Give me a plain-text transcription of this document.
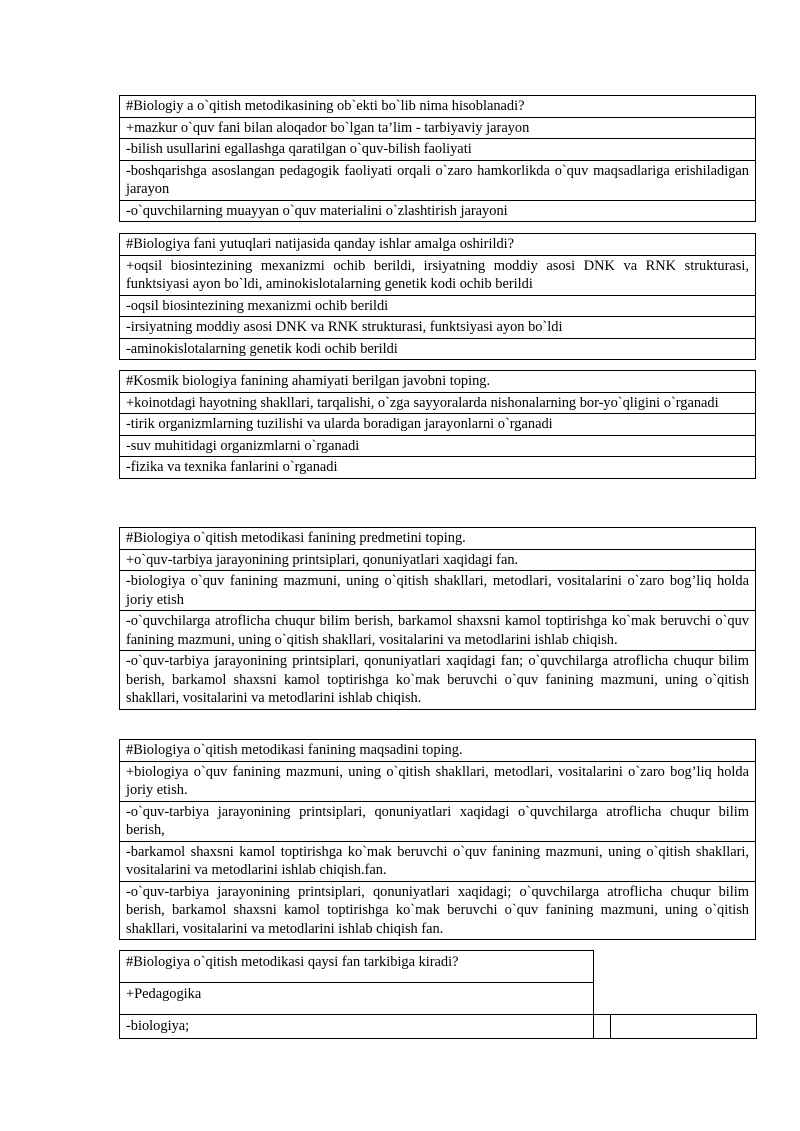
#Biologiy a o`qitish metodikasining ob`ekti bo`lib nima hisoblanadi?
+mazkur o`quv fani bilan aloqador bo`lgan ta’lim - tarbiyaviy jarayon
-bilish usullarini egallashga qaratilgan o`quv-bilish faoliyati
-boshqarishga asoslangan pedagogik faoliyati orqali o`zaro hamkorlikda o`quv maqsadlariga erishiladigan jarayon
-o`quvchilarning muayyan o`quv materialini o`zlashtirish jarayoni
#Biologiya fani yutuqlari natijasida qanday ishlar amalga oshirildi?
+oqsil biosintezining mexanizmi ochib berildi, irsiyatning moddiy asosi DNK va RNK strukturasi, funktsiyasi ayon bo`ldi, aminokislotalarning genetik kodi ochib berildi
-oqsil biosintezining mexanizmi ochib berildi
-irsiyatning moddiy asosi DNK va RNK strukturasi, funktsiyasi ayon bo`ldi
-aminokislotalarning genetik kodi ochib berildi
#Kosmik biologiya fanining ahamiyati berilgan javobni toping.
+koinotdagi hayotning shakllari, tarqalishi, o`zga sayyoralarda nishonalarning bor-yo`qligini o`rganadi
-tirik organizmlarning tuzilishi va ularda boradigan jarayonlarni o`rganadi
-suv muhitidagi organizmlarni o`rganadi
-fizika va texnika fanlarini o`rganadi
#Biologiya o`qitish metodikasi fanining predmetini toping.
+o`quv-tarbiya jarayonining printsiplari, qonuniyatlari xaqidagi fan.
-biologiya o`quv fanining mazmuni, uning o`qitish shakllari, metodlari, vositalarini o`zaro bog’liq holda joriy etish
-o`quvchilarga atroflicha chuqur bilim berish, barkamol shaxsni kamol toptirishga ko`mak beruvchi o`quv fanining mazmuni, uning o`qitish shakllari, vositalarini va metodlarini ishlab chiqish.
-o`quv-tarbiya jarayonining printsiplari, qonuniyatlari xaqidagi fan; o`quvchilarga atroflicha chuqur bilim berish, barkamol shaxsni kamol toptirishga ko`mak beruvchi o`quv fanining mazmuni, uning o`qitish shakllari, vositalarini va metodlarini ishlab chiqish.
#Biologiya o`qitish metodikasi fanining maqsadini toping.
+biologiya o`quv fanining mazmuni, uning o`qitish shakllari, metodlari, vositalarini o`zaro bog’liq holda joriy etish.
-o`quv-tarbiya jarayonining printsiplari, qonuniyatlari xaqidagi o`quvchilarga atroflicha chuqur bilim berish,
-barkamol shaxsni kamol toptirishga ko`mak beruvchi o`quv fanining mazmuni, uning o`qitish shakllari, vositalarini va metodlarini ishlab chiqish.fan.
-o`quv-tarbiya jarayonining printsiplari, qonuniyatlari xaqidagi; o`quvchilarga atroflicha chuqur bilim berish, barkamol shaxsni kamol toptirishga ko`mak beruvchi o`quv fanining mazmuni, uning o`qitish shakllari, vositalarini va metodlarini ishlab chiqish fan.
#Biologiya o`qitish metodikasi qaysi fan tarkibiga kiradi?		
+Pedagogika		
-biologiya;		
